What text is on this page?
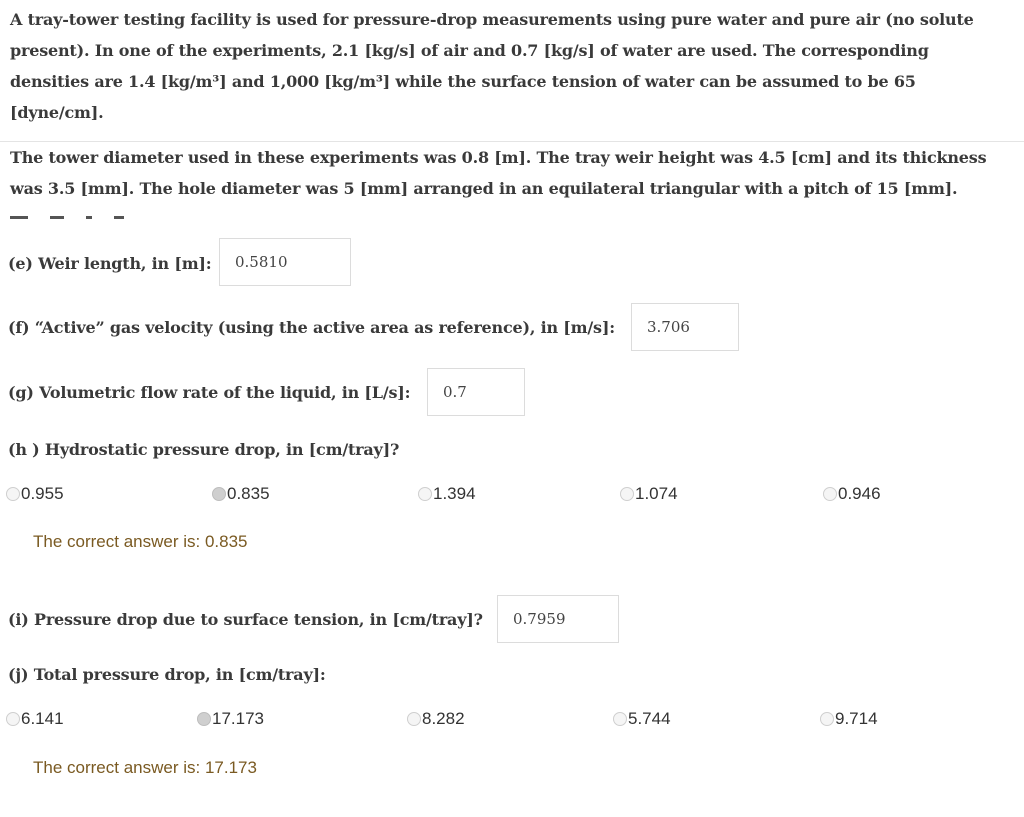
A tray-tower testing facility is used for pressure-drop measurements using pure water and pure air (no solute present). In one of the experiments, 2.1 [kg/s] of air and 0.7 [kg/s] of water are used. The corresponding densities are 1.4 [kg/m³] and 1,000 [kg/m³] while the surface tension of water can be assumed to be 65 [dyne/cm].
The tower diameter used in these experiments was 0.8 [m]. The tray weir height was 4.5 [cm] and its thickness was 3.5 [mm]. The hole diameter was 5 [mm] arranged in an equilateral triangular with a pitch of 15 [mm].
(e) Weir length, in [m]:	0.5810
(f) “Active” gas velocity (using the active area as reference), in [m/s]:	3.706
(g) Volumetric flow rate of the liquid, in [L/s]:	0.7
(h ) Hydrostatic pressure drop, in [cm/tray]?
0.955	0.835	1.394	1.074	0.946
The correct answer is: 0.835
(i) Pressure drop due to surface tension, in [cm/tray]?	0.7959
(j) Total pressure drop, in [cm/tray]:
6.141	17.173	8.282	5.744	9.714
The correct answer is: 17.173
